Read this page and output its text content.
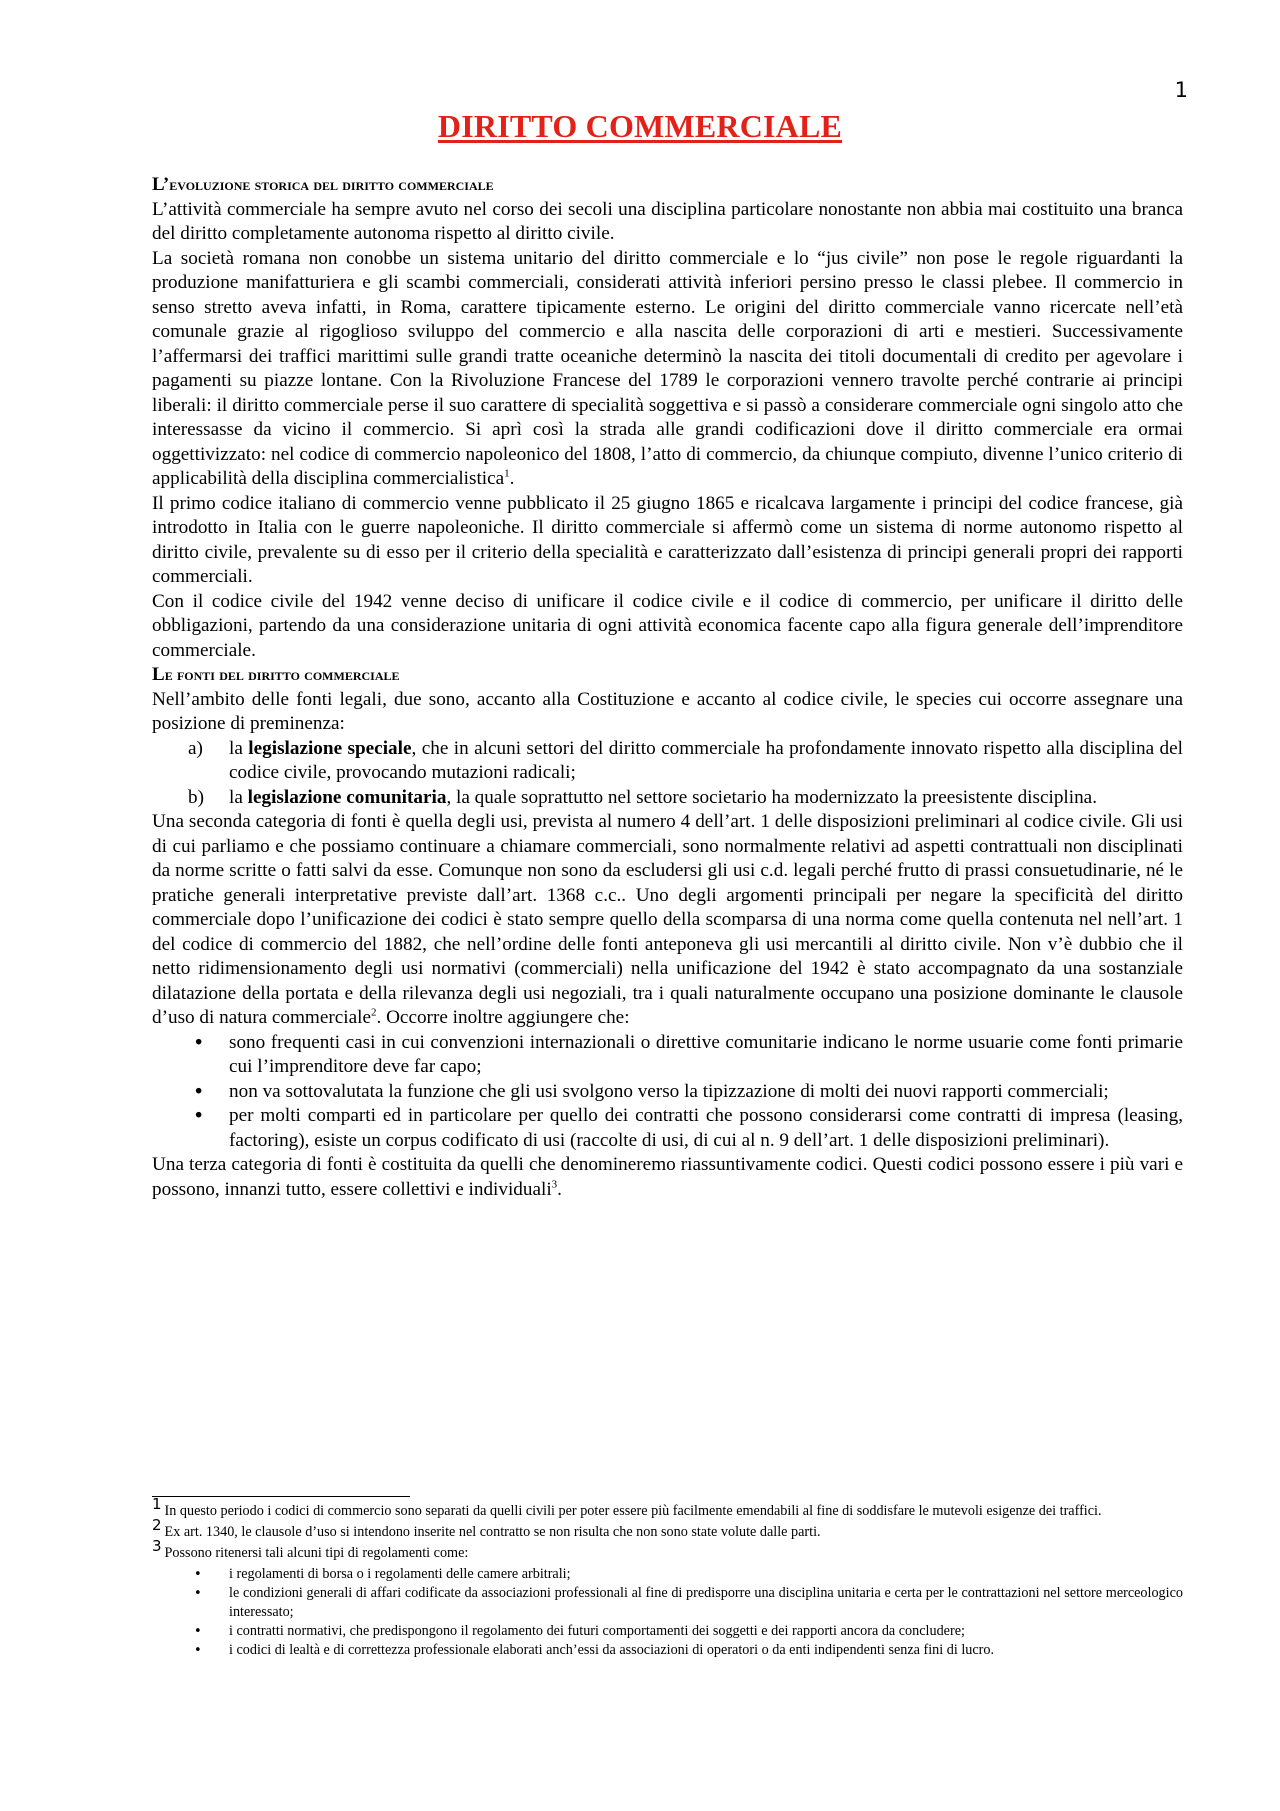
1
DIRITTO COMMERCIALE
L’evoluzione storica del diritto commerciale

L’attività commerciale ha sempre avuto nel corso dei secoli una disciplina particolare nonostante non abbia mai costituito una branca del diritto completamente autonoma rispetto al diritto civile.

La società romana non conobbe un sistema unitario del diritto commerciale e lo “jus civile” non pose le regole riguardanti la produzione manifatturiera e gli scambi commerciali, considerati attività inferiori persino presso le classi plebee. Il commercio in senso stretto aveva infatti, in Roma, carattere tipicamente esterno. Le origini del diritto commerciale vanno ricercate nell’età comunale grazie al rigoglioso sviluppo del commercio e alla nascita delle corporazioni di arti e mestieri. Successivamente l’affermarsi dei traffici marittimi sulle grandi tratte oceaniche determinò la nascita dei titoli documentali di credito per agevolare i pagamenti su piazze lontane. Con la Rivoluzione Francese del 1789 le corporazioni vennero travolte perché contrarie ai principi liberali: il diritto commerciale perse il suo carattere di specialità soggettiva e si passò a considerare commerciale ogni singolo atto che interessasse da vicino il commercio. Si aprì così la strada alle grandi codificazioni dove il diritto commerciale era ormai oggettivizzato: nel codice di commercio napoleonico del 1808, l’atto di commercio, da chiunque compiuto, divenne l’unico criterio di applicabilità della disciplina commercialistica$^1$.

Il primo codice italiano di commercio venne pubblicato il 25 giugno 1865 e ricalcava largamente i principi del codice francese, già introdotto in Italia con le guerre napoleoniche. Il diritto commerciale si affermò come un sistema di norme autonomo rispetto al diritto civile, prevalente su di esso per il criterio della specialità e caratterizzato dall’esistenza di principi generali propri dei rapporti commerciali.

Con il codice civile del 1942 venne deciso di unificare il codice civile e il codice di commercio, per unificare il diritto delle obbligazioni, partendo da una considerazione unitaria di ogni attività economica facente capo alla figura generale dell’imprenditore commerciale.

Le fonti del diritto commerciale

Nell’ambito delle fonti legali, due sono, accanto alla Costituzione e accanto al codice civile, le species cui occorre assegnare una posizione di preminenza:

a) la legislazione speciale, che in alcuni settori del diritto commerciale ha profondamente innovato rispetto alla disciplina del codice civile, provocando mutazioni radicali;
b) la legislazione comunitaria, la quale soprattutto nel settore societario ha modernizzato la preesistente disciplina.

Una seconda categoria di fonti è quella degli usi, prevista al numero 4 dell’art. 1 delle disposizioni preliminari al codice civile. Gli usi di cui parliamo e che possiamo continuare a chiamare commerciali, sono normalmente relativi ad aspetti contrattuali non disciplinati da norme scritte o fatti salvi da esse. Comunque non sono da escludersi gli usi c.d. legali perché frutto di prassi consuetudinarie, né le pratiche generali interpretative previste dall’art. 1368 c.c.. Uno degli argomenti principali per negare la specificità del diritto commerciale dopo l’unificazione dei codici è stato sempre quello della scomparsa di una norma come quella contenuta nel nell’art. 1 del codice di commercio del 1882, che nell’ordine delle fonti anteponeva gli usi mercantili al diritto civile. Non v’è dubbio che il netto ridimensionamento degli usi normativi (commerciali) nella unificazione del 1942 è stato accompagnato da una sostanziale dilatazione della portata e della rilevanza degli usi negoziali, tra i quali naturalmente occupano una posizione dominante le clausole d’uso di natura commerciale$^2$. Occorre inoltre aggiungere che:

• sono frequenti casi in cui convenzioni internazionali o direttive comunitarie indicano le norme usuarie come fonti primarie cui l’imprenditore deve far capo;
• non va sottovalutata la funzione che gli usi svolgono verso la tipizzazione di molti dei nuovi rapporti commerciali;
• per molti comparti ed in particolare per quello dei contratti che possono considerarsi come contratti di impresa (leasing, factoring), esiste un corpus codificato di usi (raccolte di usi, di cui al n. 9 dell’art. 1 delle disposizioni preliminari).

Una terza categoria di fonti è costituita da quelli che denomineremo riassuntivamente codici. Questi codici possono essere i più vari e possono, innanzi tutto, essere collettivi e individuali$^3$.

1 In questo periodo i codici di commercio sono separati da quelli civili per poter essere più facilmente emendabili al fine di soddisfare le mutevoli esigenze dei traffici.

2 Ex art. 1340, le clausole d’uso si intendono inserite nel contratto se non risulta che non sono state volute dalle parti.

3 Possono ritenersi tali alcuni tipi di regolamenti come:

• i regolamenti di borsa o i regolamenti delle camere arbitrali;
• le condizioni generali di affari codificate da associazioni professionali al fine di predisporre una disciplina unitaria e certa per le contrattazioni nel settore merceologico interessato;
• i contratti normativi, che predispongono il regolamento dei futuri comportamenti dei soggetti e dei rapporti ancora da concludere;
• i codici di lealtà e di correttezza professionale elaborati anch’essi da associazioni di operatori o da enti indipendenti senza fini di lucro.
